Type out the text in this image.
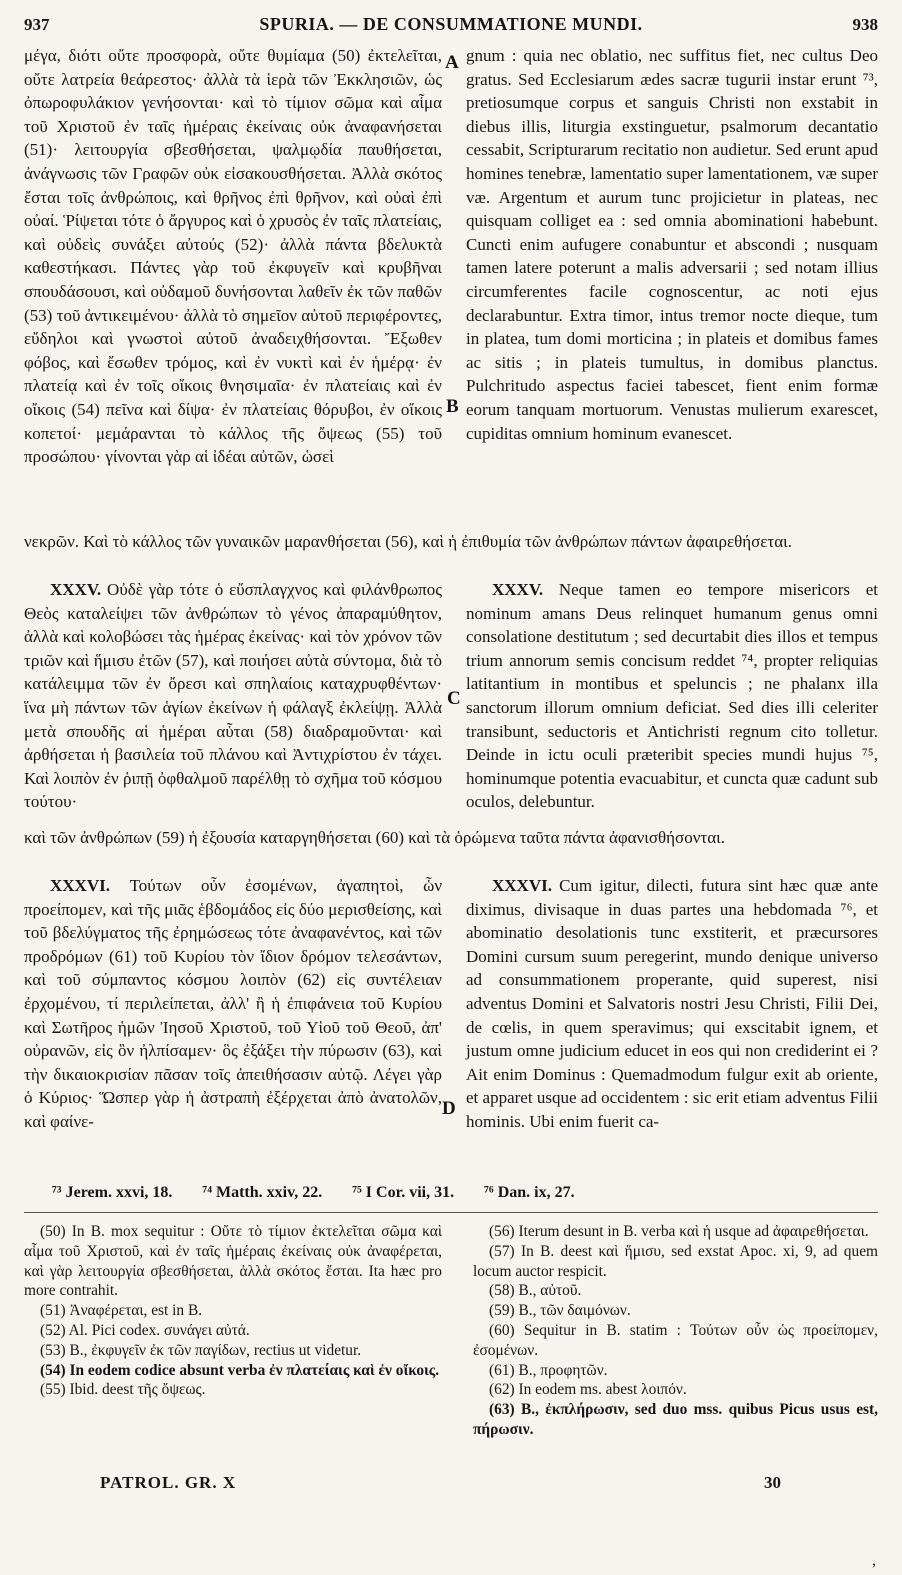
937	SPURIA. — DE CONSUMMATIONE MUNDI.	938

μέγα, διότι οὔτε προσφορὰ, οὔτε θυμίαμα (50) ἐκτελεῖται, οὔτε λατρεία θεάρεστος· ἀλλὰ τὰ ἱερὰ τῶν Ἐκκλησιῶν, ὡς ὀπωροφυλάκιον γενήσονται· καὶ τὸ τίμιον σῶμα καὶ αἷμα τοῦ Χριστοῦ ἐν ταῖς ἡμέραις ἐκείναις οὐκ ἀναφανήσεται (51)· λειτουργία σβεσθήσεται, ψαλμῳδία παυθήσεται, ἀνάγνωσις τῶν Γραφῶν οὐκ εἰσακουσθήσεται. Ἀλλὰ σκότος ἔσται τοῖς ἀνθρώποις, καὶ θρῆνος ἐπὶ θρῆνον, καὶ οὐαὶ ἐπὶ οὐαί. Ῥίψεται τότε ὁ ἄργυρος καὶ ὁ χρυσὸς ἐν ταῖς πλατείαις, καὶ οὐδεὶς συνάξει αὐτούς (52)· ἀλλὰ πάντα βδελυκτὰ καθεστήκασι. Πάντες γὰρ τοῦ ἐκφυγεῖν καὶ κρυβῆναι σπουδάσουσι, καὶ οὐδαμοῦ δυνήσονται λαθεῖν ἐκ τῶν παθῶν (53) τοῦ ἀντικειμένου· ἀλλὰ τὸ σημεῖον αὐτοῦ περιφέροντες, εὔδηλοι καὶ γνωστοὶ αὐτοῦ ἀναδειχθήσονται. Ἔξωθεν φόβος, καὶ ἔσωθεν τρόμος, καὶ ἐν νυκτὶ καὶ ἐν ἡμέρᾳ· ἐν πλατείᾳ καὶ ἐν τοῖς οἴκοις θνησιμαῖα· ἐν πλατείαις καὶ ἐν οἴκοις (54) πεῖνα καὶ δίψα· ἐν πλατείαις θόρυβοι, ἐν οἴκοις κοπετοί· μεμάρανται τὸ κάλλος τῆς ὄψεως (55) τοῦ προσώπου· γίνονται γὰρ αἱ ἰδέαι αὐτῶν, ὡσεὶ

gnum : quia nec oblatio, nec suffitus fiet, nec cultus Deo gratus. Sed Ecclesiarum ædes sacræ tugurii instar erunt ⁷³, pretiosumque corpus et sanguis Christi non exstabit in diebus illis, liturgia exstinguetur, psalmorum decantatio cessabit, Scripturarum recitatio non audietur. Sed erunt apud homines tenebræ, lamentatio super lamentationem, væ super væ. Argentum et aurum tunc projicietur in plateas, nec quisquam colliget ea : sed omnia abominationi habebunt. Cuncti enim aufugere conabuntur et abscondi ; nusquam tamen latere poterunt a malis adversarii ; sed notam illius circumferentes facile cognoscentur, ac noti ejus declarabuntur. Extra timor, intus tremor nocte dieque, tum in platea, tum domi morticina ; in plateis et domibus fames ac sitis ; in plateis tumultus, in domibus planctus. Pulchritudo aspectus faciei tabescet, fient enim formæ eorum tanquam mortuorum. Venustas mulierum exarescet, cupiditas omnium hominum evanescet.

νεκρῶν. Καὶ τὸ κάλλος τῶν γυναικῶν μαρανθήσεται (56), καὶ ἡ ἐπιθυμία τῶν ἀνθρώπων πάντων ἀφαιρεθήσεται.

XXXV. Οὐδὲ γὰρ τότε ὁ εὔσπλαγχνος καὶ φιλάνθρωπος Θεὸς καταλείψει τῶν ἀνθρώπων τὸ γένος ἀπαραμύθητον, ἀλλὰ καὶ κολοβώσει τὰς ἡμέρας ἐκείνας· καὶ τὸν χρόνον τῶν τριῶν καὶ ἥμισυ ἐτῶν (57), καὶ ποιήσει αὐτὰ σύντομα, διὰ τὸ κατάλειμμα τῶν ἐν ὄρεσι καὶ σπηλαίοις καταχρυφθέντων· ἵνα μὴ πάντων τῶν ἁγίων ἐκείνων ἡ φάλαγξ ἐκλείψῃ. Ἀλλὰ μετὰ σπουδῆς αἱ ἡμέραι αὗται (58) διαδραμοῦνται· καὶ ἀρθήσεται ἡ βασιλεία τοῦ πλάνου καὶ Ἀντιχρίστου ἐν τάχει. Καὶ λοιπὸν ἐν ῥιπῇ ὀφθαλμοῦ παρέλθῃ τὸ σχῆμα τοῦ κόσμου τούτου·

XXXV. Neque tamen eo tempore misericors et nominum amans Deus relinquet humanum genus omni consolatione destitutum ; sed decurtabit dies illos et tempus trium annorum semis concisum reddet ⁷⁴, propter reliquias latitantium in montibus et speluncis ; ne phalanx illa sanctorum illorum omnium deficiat. Sed dies illi celeriter transibunt, seductoris et Antichristi regnum cito tolletur. Deinde in ictu oculi præteribit species mundi hujus ⁷⁵, hominumque potentia evacuabitur, et cuncta quæ cadunt sub oculos, delebuntur.

καὶ τῶν ἀνθρώπων (59) ἡ ἐξουσία καταργηθήσεται (60) καὶ τὰ ὁρώμενα ταῦτα πάντα ἀφανισθήσονται.

XXXVI. Τούτων οὖν ἐσομένων, ἀγαπητοὶ, ὧν προείπομεν, καὶ τῆς μιᾶς ἑβδομάδος εἰς δύο μερισθείσης, καὶ τοῦ βδελύγματος τῆς ἐρημώσεως τότε ἀναφανέντος, καὶ τῶν προδρόμων (61) τοῦ Κυρίου τὸν ἴδιον δρόμον τελεσάντων, καὶ τοῦ σύμπαντος κόσμου λοιπὸν (62) εἰς συντέλειαν ἐρχομένου, τί περιλείπεται, ἀλλ' ἢ ἡ ἐπιφάνεια τοῦ Κυρίου καὶ Σωτῆρος ἡμῶν Ἰησοῦ Χριστοῦ, τοῦ Υἱοῦ τοῦ Θεοῦ, ἀπ' οὐρανῶν, εἰς ὃν ἠλπίσαμεν· ὃς ἐξάξει τὴν πύρωσιν (63), καὶ τὴν δικαιοκρισίαν πᾶσαν τοῖς ἀπειθήσασιν αὐτῷ. Λέγει γὰρ ὁ Κύριος· Ὥσπερ γὰρ ἡ ἀστραπὴ ἐξέρχεται ἀπὸ ἀνατολῶν, καὶ φαίνε-

XXXVI. Cum igitur, dilecti, futura sint hæc quæ ante diximus, divisaque in duas partes una hebdomada ⁷⁶, et abominatio desolationis tunc exstiterit, et præcursores Domini cursum suum peregerint, mundo denique universo ad consummationem properante, quid superest, nisi adventus Domini et Salvatoris nostri Jesu Christi, Filii Dei, de cœlis, in quem speravimus; qui exscitabit ignem, et justum omne judicium educet in eos qui non crediderint ei ? Ait enim Dominus : Quemadmodum fulgur exit ab oriente, et apparet usque ad occidentem : sic erit etiam adventus Filii hominis. Ubi enim fuerit ca-

A
B
C
D
⁷³ Jerem. xxvi, 18. ⁷⁴ Matth. xxiv, 22. ⁷⁵ I Cor. vii, 31. ⁷⁶ Dan. ix, 27.

(50) In B. mox sequitur : Οὔτε τὸ τίμιον ἐκτελεῖται σῶμα καὶ αἷμα τοῦ Χριστοῦ, καὶ ἐν ταῖς ἡμέραις ἐκείναις οὐκ ἀναφέρεται, καὶ γὰρ λειτουργία σβεσθήσεται, ἀλλὰ σκότος ἔσται. Ita hæc pro more contrahit.

(51) Ἀναφέρεται, est in B.

(52) Al. Pici codex. συνάγει αὐτά.

(53) B., ἐκφυγεῖν ἐκ τῶν παγίδων, rectius ut videtur.

(54) In eodem codice absunt verba ἐν πλατείαις καὶ ἐν οἴκοις.

(55) Ibid. deest τῆς ὄψεως.

(56) Iterum desunt in B. verba καὶ ἡ usque ad ἀφαιρεθήσεται.

(57) In B. deest καὶ ἥμισυ, sed exstat Apoc. xi, 9, ad quem locum auctor respicit.

(58) B., αὐτοῦ.

(59) B., τῶν δαιμόνων.

(60) Sequitur in B. statim : Τούτων οὖν ὡς προείπομεν, ἐσομένων.

(61) B., προφητῶν.

(62) In eodem ms. abest λοιπόν.

(63) B., ἐκπλήρωσιν, sed duo mss. quibus Picus usus est, πήρωσιν.

PATROL. GR. X	30
,
